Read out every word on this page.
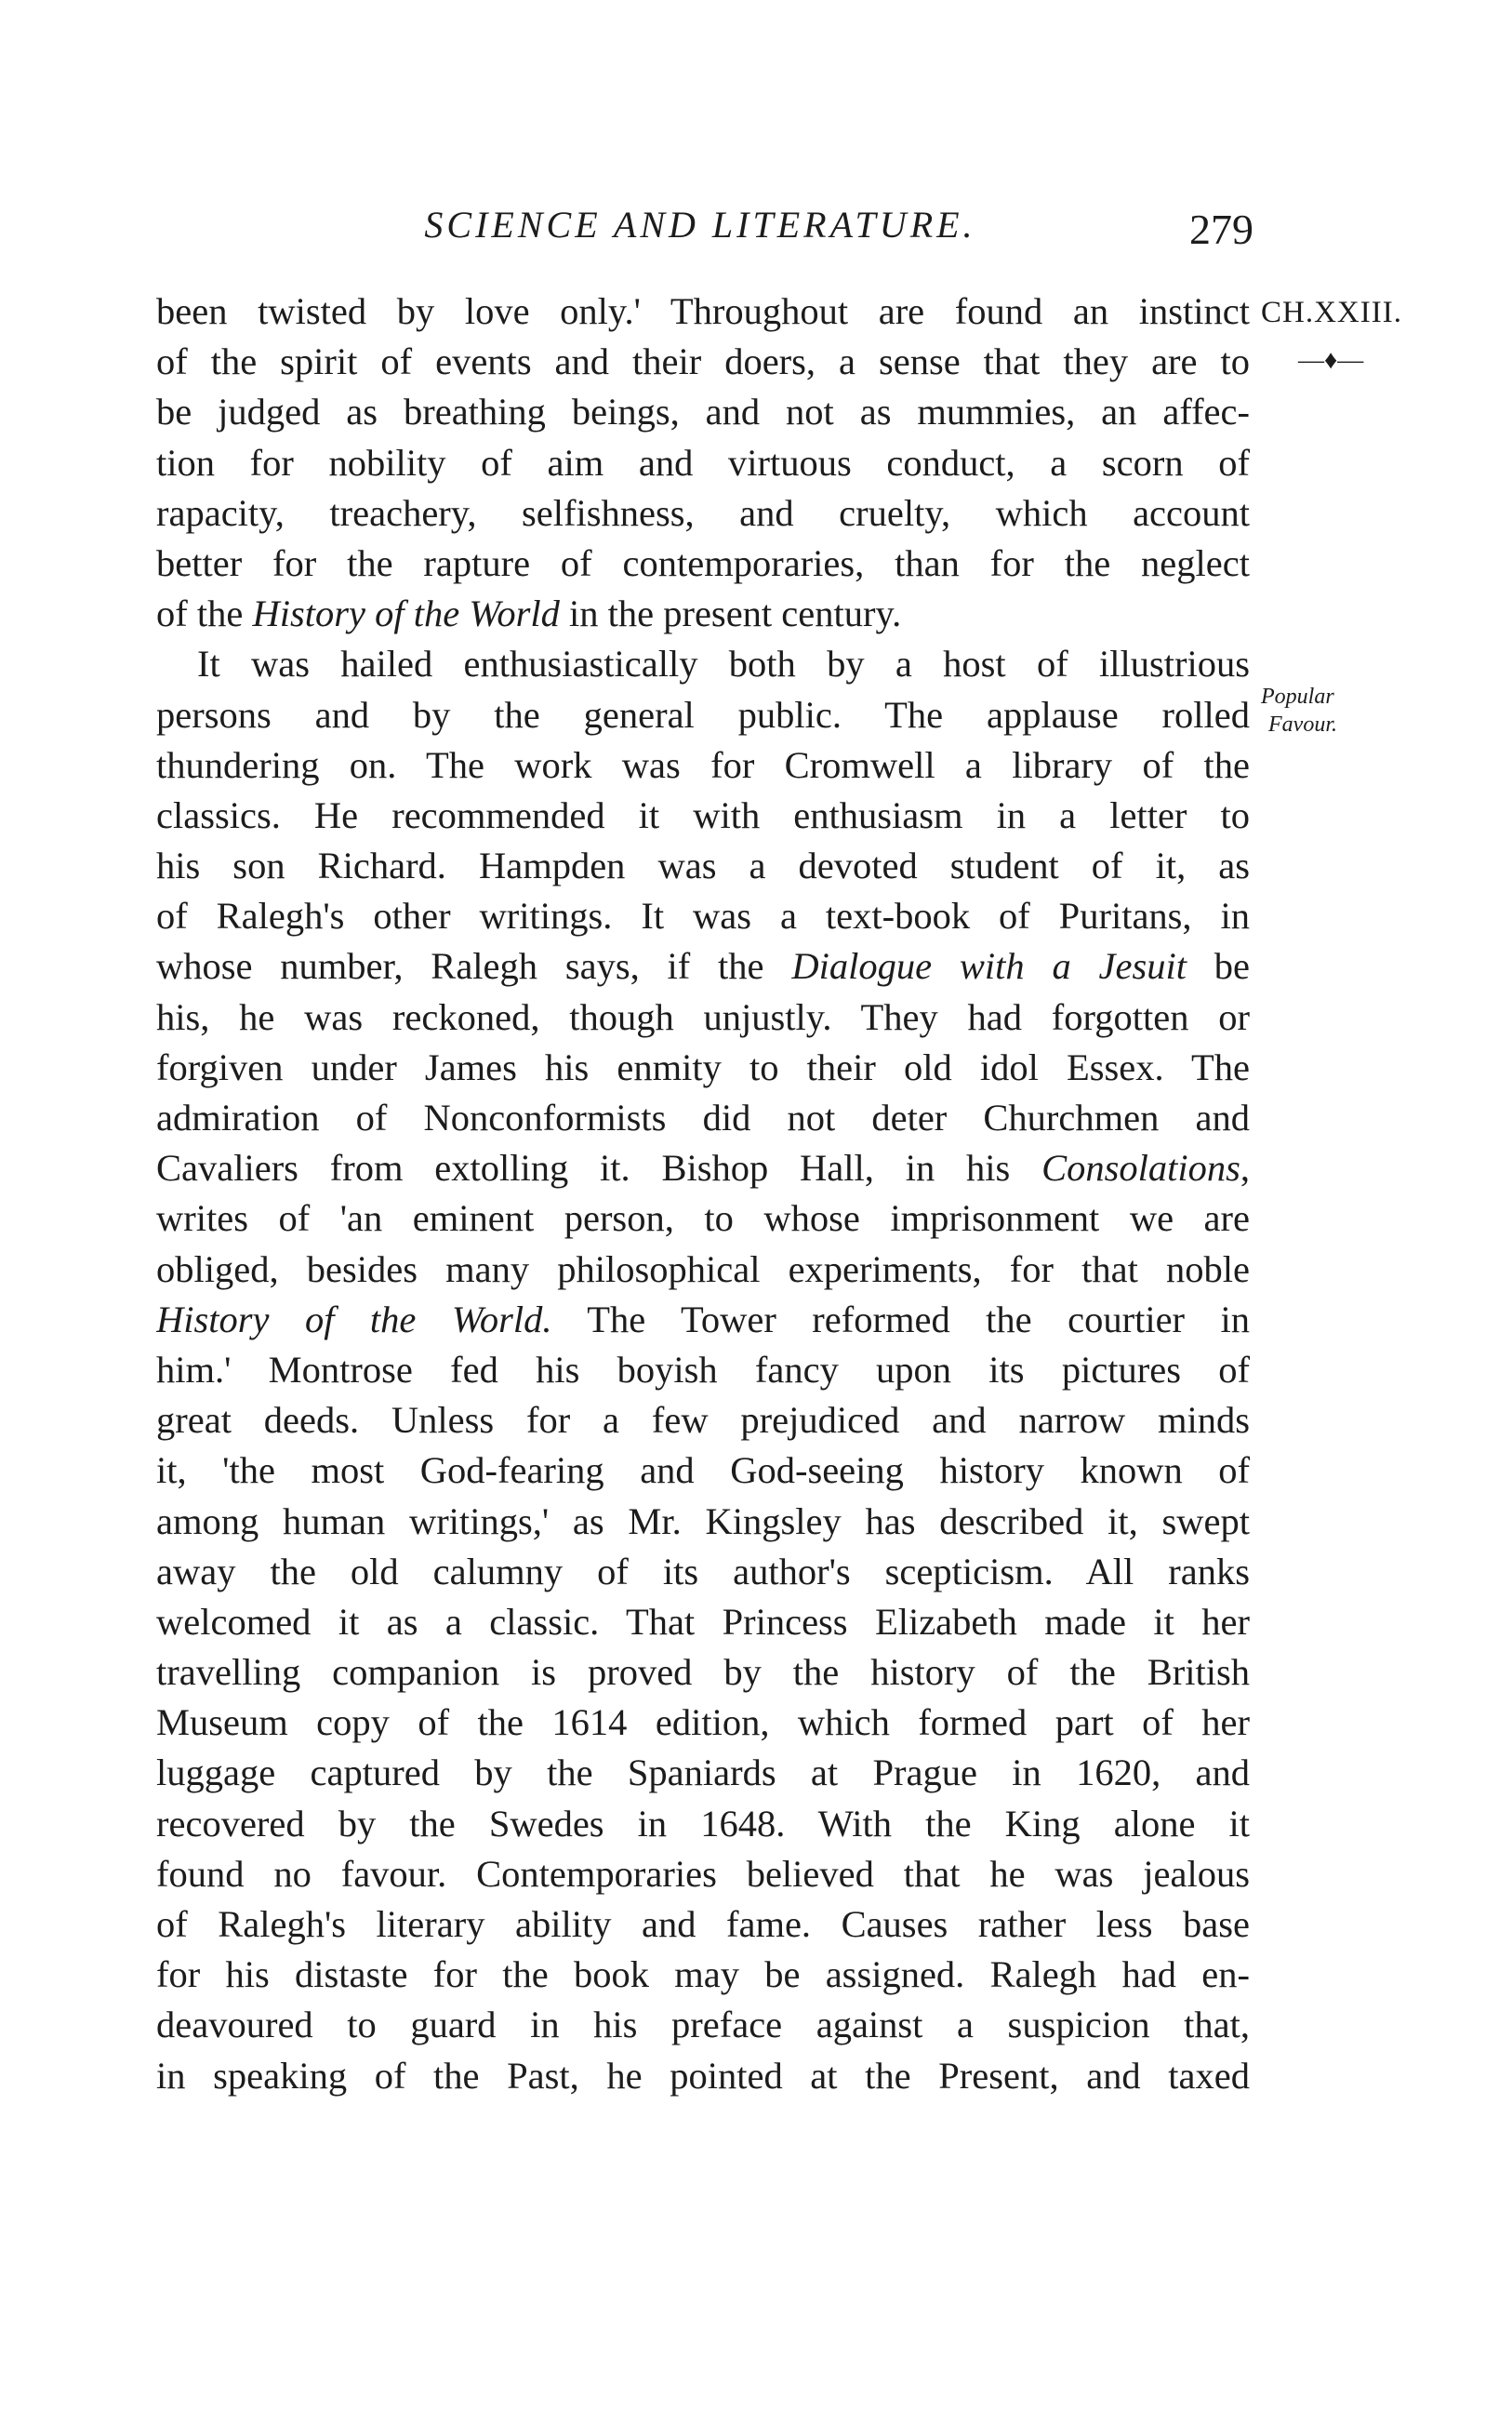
SCIENCE AND LITERATURE.	279
CH.XXIII.
—♦—
Popular
Favour.
been twisted by love only.' Throughout are found an instinct
of the spirit of events and their doers, a sense that they are to
be judged as breathing beings, and not as mummies, an affec-
tion for nobility of aim and virtuous conduct, a scorn of
rapacity, treachery, selfishness, and cruelty, which account
better for the rapture of contemporaries, than for the neglect
of the History of the World in the present century.
It was hailed enthusiastically both by a host of illustrious
persons and by the general public. The applause rolled
thundering on. The work was for Cromwell a library of the
classics. He recommended it with enthusiasm in a letter to
his son Richard. Hampden was a devoted student of it, as
of Ralegh's other writings. It was a text-book of Puritans, in
whose number, Ralegh says, if the Dialogue with a Jesuit be
his, he was reckoned, though unjustly. They had forgotten or
forgiven under James his enmity to their old idol Essex. The
admiration of Nonconformists did not deter Churchmen and
Cavaliers from extolling it. Bishop Hall, in his Consolations,
writes of 'an eminent person, to whose imprisonment we are
obliged, besides many philosophical experiments, for that noble
History of the World. The Tower reformed the courtier in
him.' Montrose fed his boyish fancy upon its pictures of
great deeds. Unless for a few prejudiced and narrow minds
it, 'the most God-fearing and God-seeing history known of
among human writings,' as Mr. Kingsley has described it, swept
away the old calumny of its author's scepticism. All ranks
welcomed it as a classic. That Princess Elizabeth made it her
travelling companion is proved by the history of the British
Museum copy of the 1614 edition, which formed part of her
luggage captured by the Spaniards at Prague in 1620, and
recovered by the Swedes in 1648. With the King alone it
found no favour. Contemporaries believed that he was jealous
of Ralegh's literary ability and fame. Causes rather less base
for his distaste for the book may be assigned. Ralegh had en-
deavoured to guard in his preface against a suspicion that,
in speaking of the Past, he pointed at the Present, and taxed
